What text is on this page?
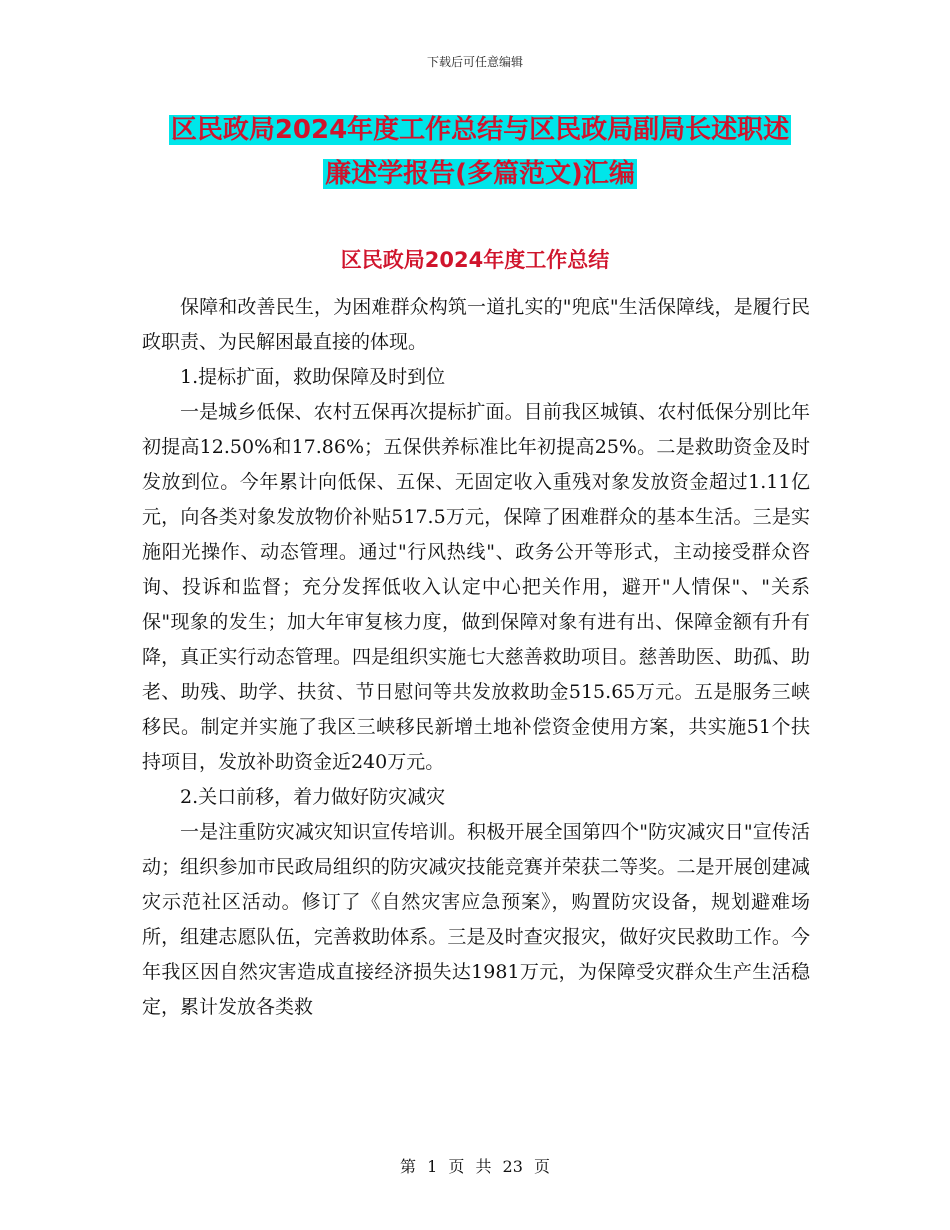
下载后可任意编辑
区民政局2024年度工作总结与区民政局副局长述职述
廉述学报告(多篇范文)汇编
区民政局2024年度工作总结

保障和改善民生，为困难群众构筑一道扎实的"兜底"生活保障线，是履行民政职责、为民解困最直接的体现。

1.提标扩面，救助保障及时到位

一是城乡低保、农村五保再次提标扩面。目前我区城镇、农村低保分别比年初提高12.50%和17.86%；五保供养标准比年初提高25%。二是救助资金及时发放到位。今年累计向低保、五保、无固定收入重残对象发放资金超过1.11亿元，向各类对象发放物价补贴517.5万元，保障了困难群众的基本生活。三是实施阳光操作、动态管理。通过"行风热线"、政务公开等形式，主动接受群众咨询、投诉和监督；充分发挥低收入认定中心把关作用，避开"人情保"、"关系保"现象的发生；加大年审复核力度，做到保障对象有进有出、保障金额有升有降，真正实行动态管理。四是组织实施七大慈善救助项目。慈善助医、助孤、助老、助残、助学、扶贫、节日慰问等共发放救助金515.65万元。五是服务三峡移民。制定并实施了我区三峡移民新增土地补偿资金使用方案，共实施51个扶持项目，发放补助资金近240万元。

2.关口前移，着力做好防灾减灾

一是注重防灾减灾知识宣传培训。积极开展全国第四个"防灾减灾日"宣传活动；组织参加市民政局组织的防灾减灾技能竞赛并荣获二等奖。二是开展创建减灾示范社区活动。修订了《自然灾害应急预案》，购置防灾设备，规划避难场所，组建志愿队伍，完善救助体系。三是及时查灾报灾，做好灾民救助工作。今年我区因自然灾害造成直接经济损失达1981万元，为保障受灾群众生产生活稳定，累计发放各类救

第 1 页 共 23 页
